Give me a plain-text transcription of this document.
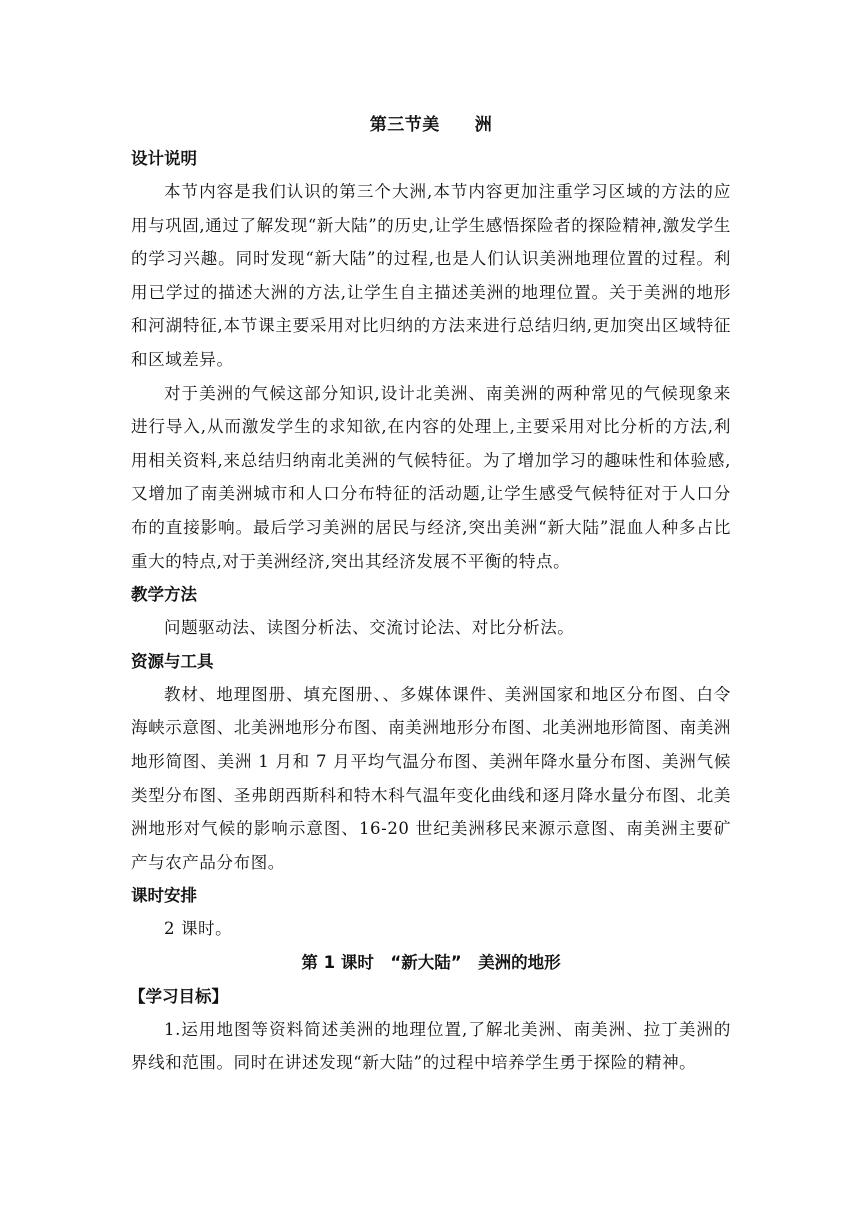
第三节美　　洲
设计说明

本节内容是我们认识的第三个大洲,本节内容更加注重学习区域的方法的应用与巩固,通过了解发现“新大陆”的历史,让学生感悟探险者的探险精神,激发学生的学习兴趣。同时发现“新大陆”的过程,也是人们认识美洲地理位置的过程。利用已学过的描述大洲的方法,让学生自主描述美洲的地理位置。关于美洲的地形和河湖特征,本节课主要采用对比归纳的方法来进行总结归纳,更加突出区域特征和区域差异。

对于美洲的气候这部分知识,设计北美洲、南美洲的两种常见的气候现象来进行导入,从而激发学生的求知欲,在内容的处理上,主要采用对比分析的方法,利用相关资料,来总结归纳南北美洲的气候特征。为了增加学习的趣味性和体验感,又增加了南美洲城市和人口分布特征的活动题,让学生感受气候特征对于人口分布的直接影响。最后学习美洲的居民与经济,突出美洲“新大陆”混血人种多占比重大的特点,对于美洲经济,突出其经济发展不平衡的特点。

教学方法

问题驱动法、读图分析法、交流讨论法、对比分析法。

资源与工具

教材、地理图册、填充图册、、多媒体课件、美洲国家和地区分布图、白令海峡示意图、北美洲地形分布图、南美洲地形分布图、北美洲地形简图、南美洲地形简图、美洲 1 月和 7 月平均气温分布图、美洲年降水量分布图、美洲气候类型分布图、圣弗朗西斯科和特木科气温年变化曲线和逐月降水量分布图、北美洲地形对气候的影响示意图、16-20 世纪美洲移民来源示意图、南美洲主要矿产与农产品分布图。

课时安排

2 课时。

第 1 课时　“新大陆”　美洲的地形
【学习目标】

1.运用地图等资料简述美洲的地理位置,了解北美洲、南美洲、拉丁美洲的界线和范围。同时在讲述发现“新大陆”的过程中培养学生勇于探险的精神。
